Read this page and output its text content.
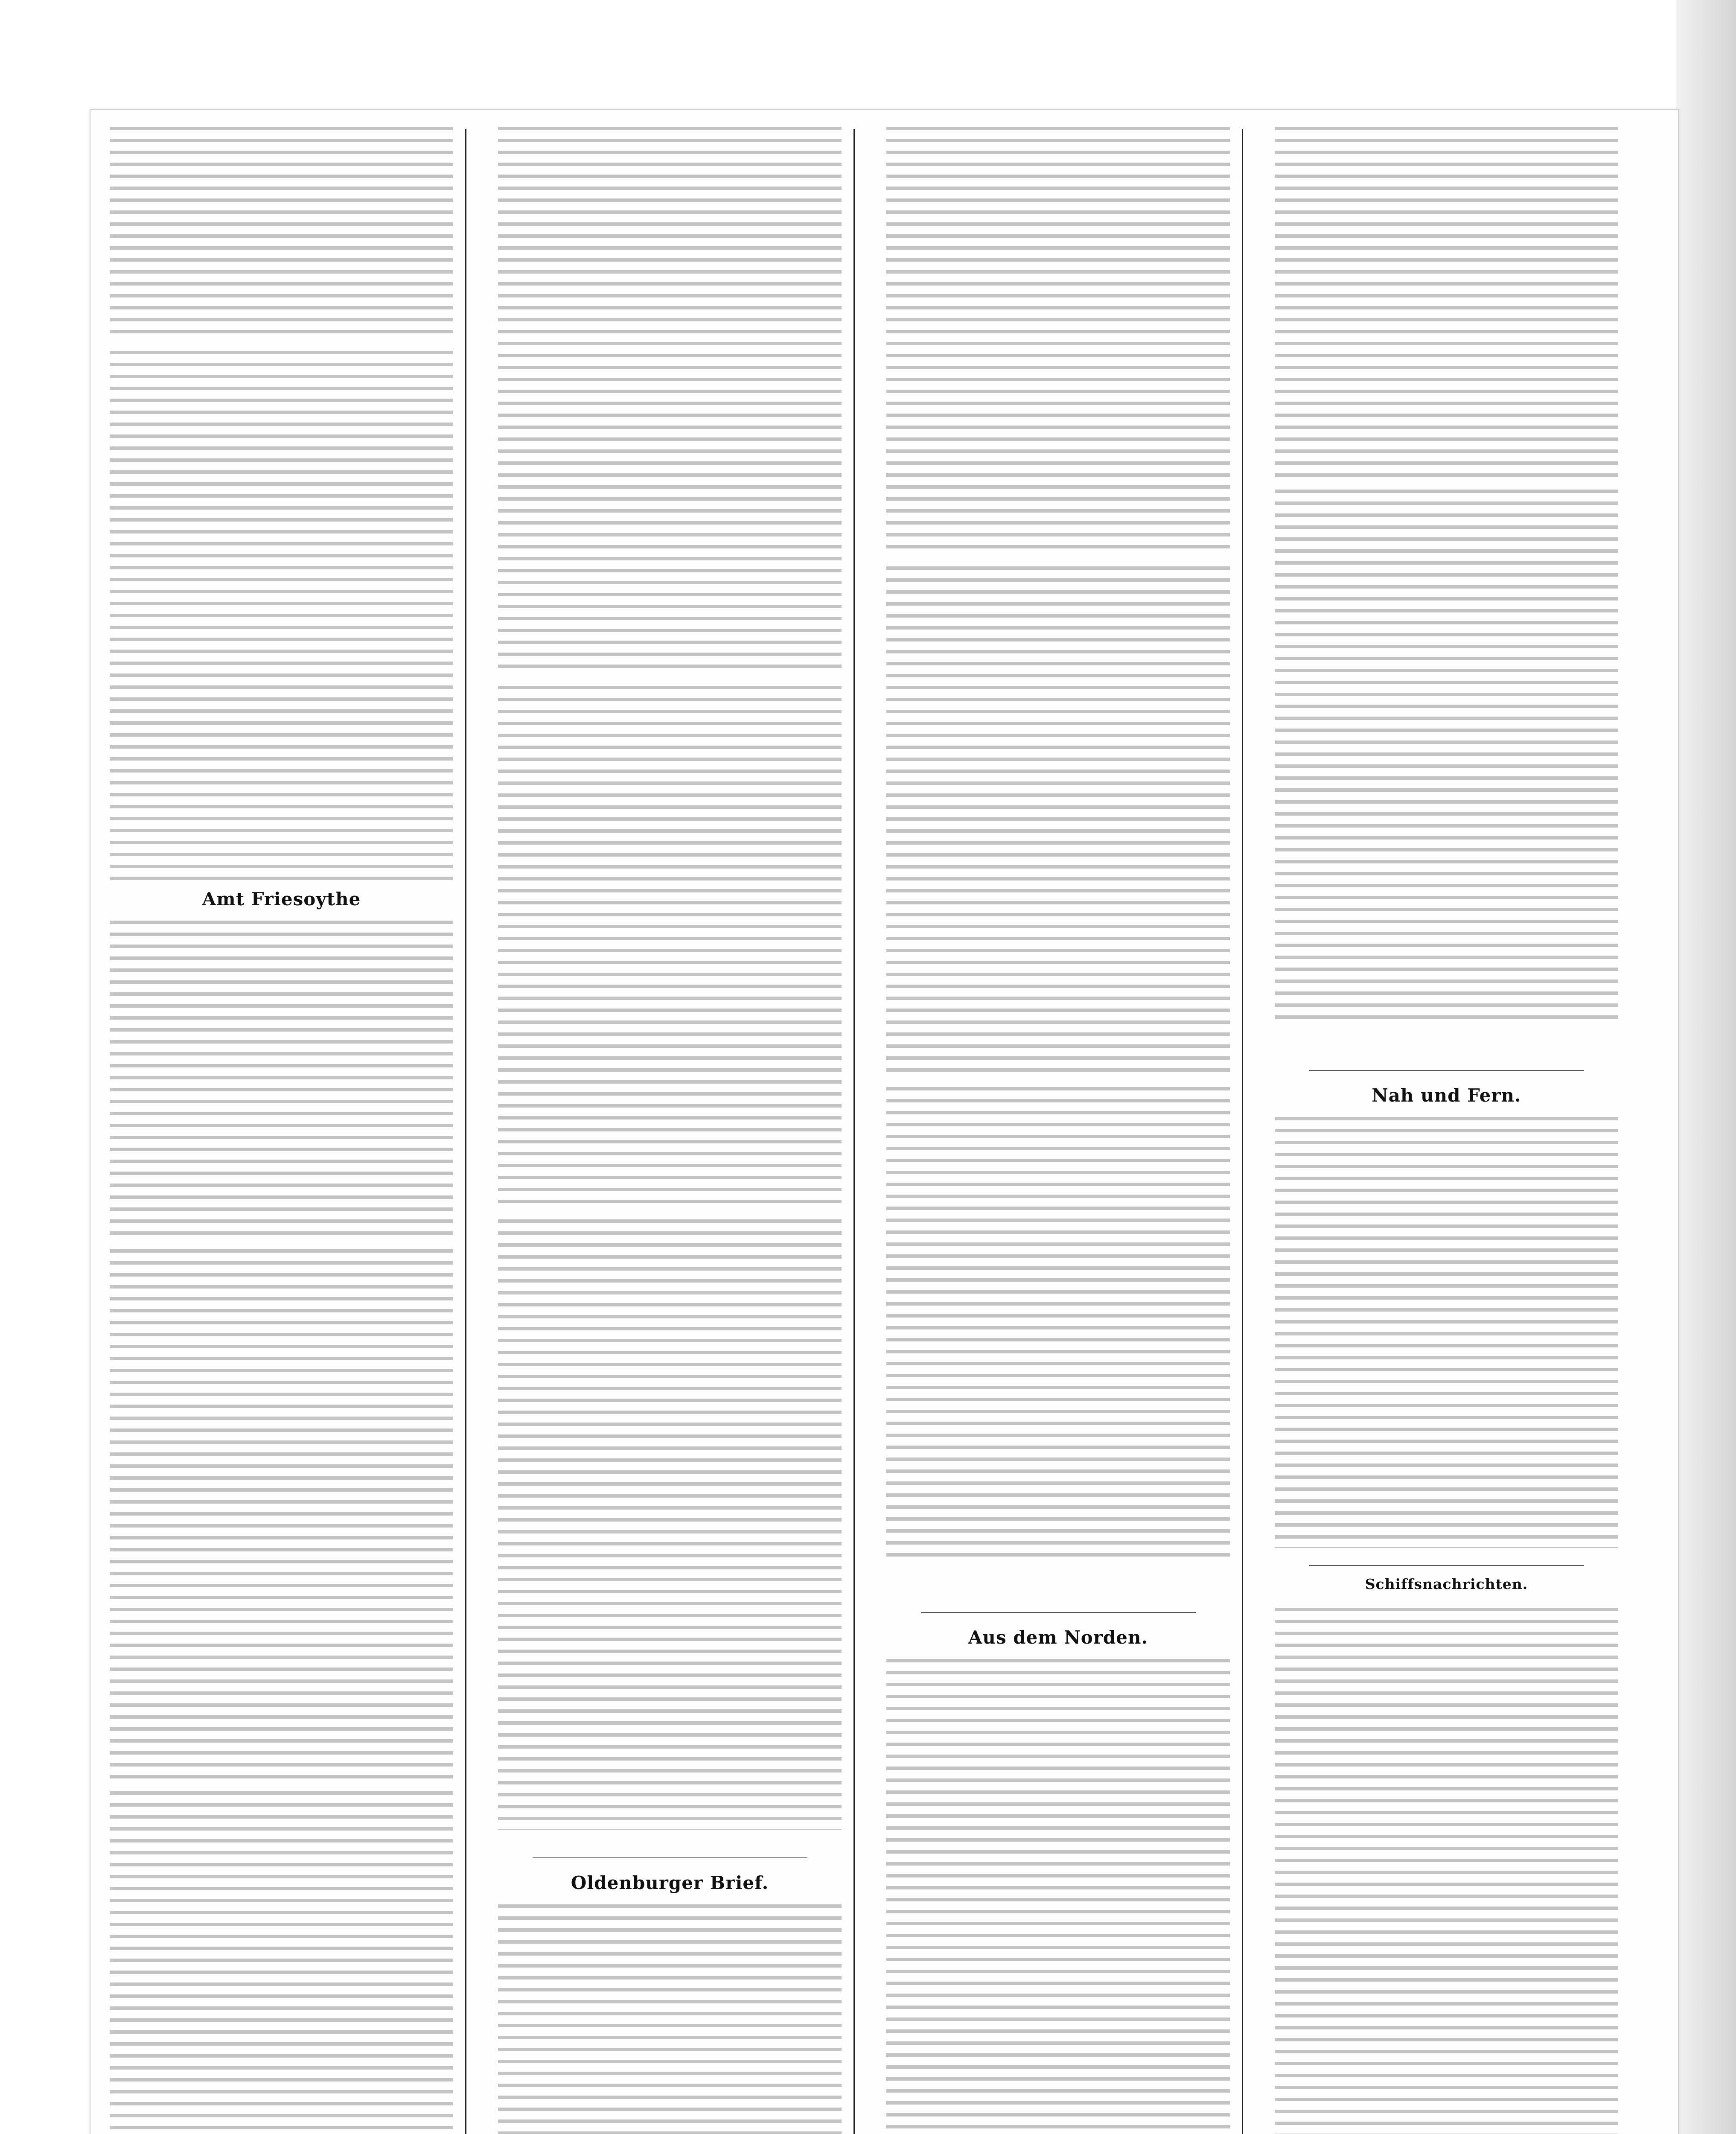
Amt Friesoythe
Oldenburger Brief.
Aus dem Norden.
Nah und Fern.
Schiffsnachrichten.
